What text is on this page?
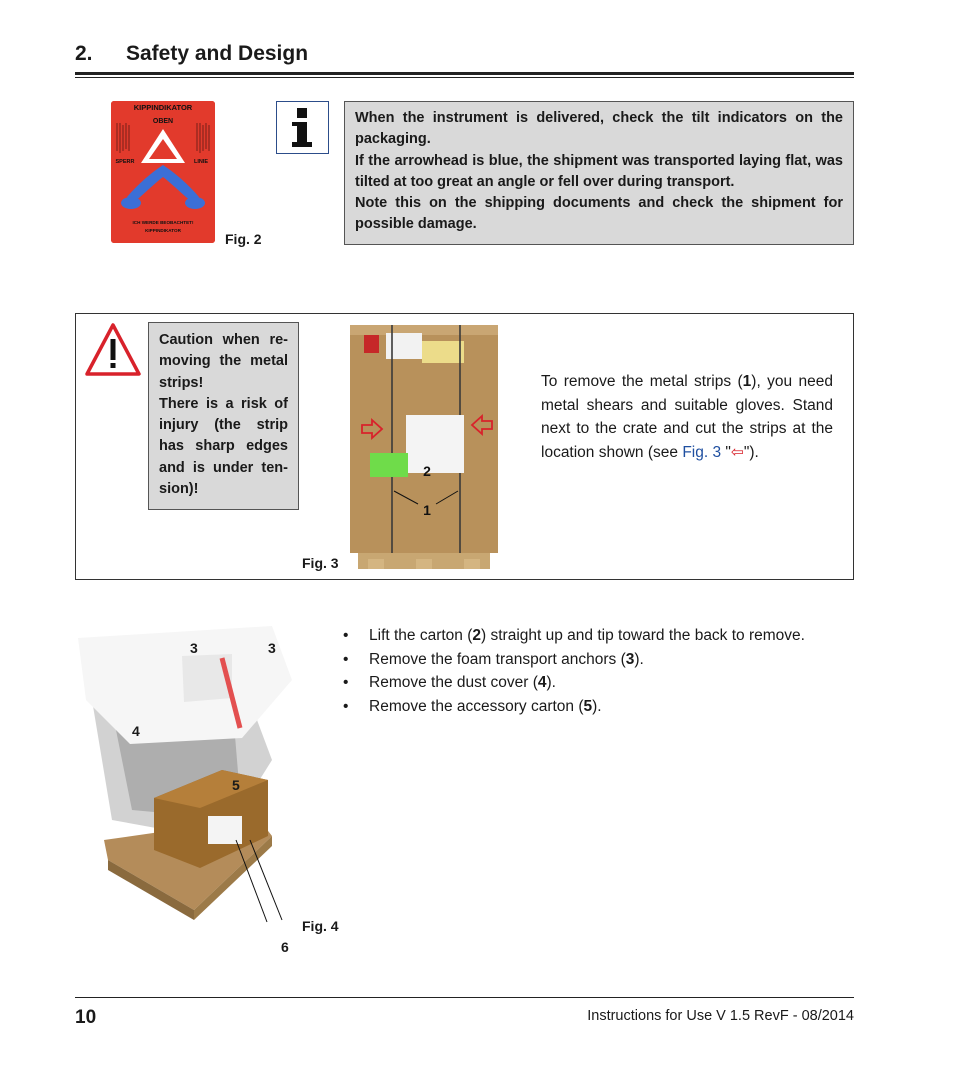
2. Safety and Design
KIPPINDIKATOR
OBEN
SPERR	LINIE
ICH WERDE BEOBACHTET!
KIPPINDIKATOR
Fig. 2

When the instrument is delivered, check the tilt indicators on the packaging.

If the arrowhead is blue, the shipment was transported laying flat, was tilted at too great an angle or fell over during transport.

Note this on the shipping documents and check the shipment for possible damage.

Caution when re-moving the metal strips!

There is a risk of injury (the strip has sharp edges and is under ten-sion)!

2
1
Fig. 3
To remove the metal strips (1), you need metal shears and suitable gloves. Stand next to the crate and cut the strips at the location shown (see Fig. 3 "⇦").
3	3
4
5
6
Fig. 4
• Lift the carton (2) straight up and tip toward the back to remove.
• Remove the foam transport anchors (3).
• Remove the dust cover (4).
• Remove the accessory carton (5).
10	Instructions for Use V 1.5 RevF - 08/2014
